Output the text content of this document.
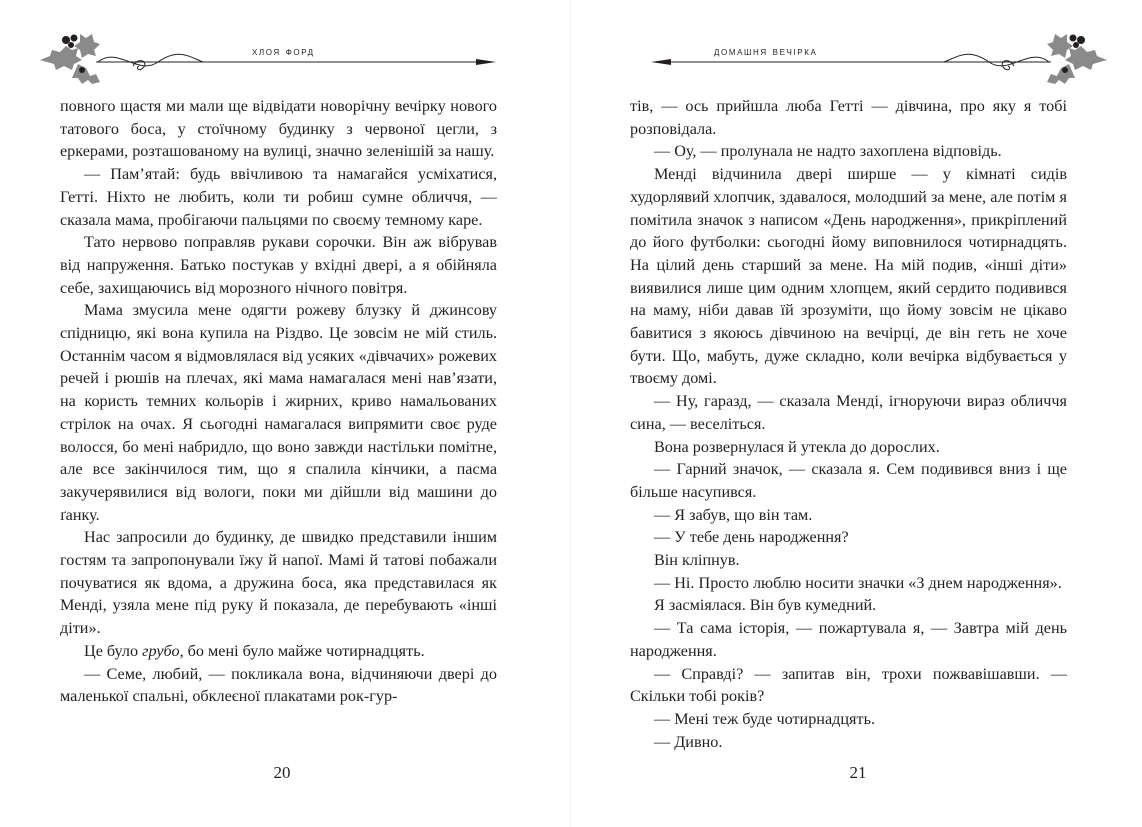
хлоя форд

повного щастя ми мали ще відвідати новорічну вечірку нового татового боса, у стоїчному будинку з червоної цегли, з еркерами, розташованому на вулиці, значно зеленішій за нашу.

— Пам’ятай: будь ввічливою та намагайся усміхатися, Гетті. Ніхто не любить, коли ти робиш сумне обличчя, — сказала мама, пробігаючи пальцями по своєму темному каре.

Тато нервово поправляв рукави сорочки. Він аж вібрував від напруження. Батько постукав у вхідні двері, а я обійняла себе, захищаючись від морозного нічного повітря.

Мама змусила мене одягти рожеву блузку й джинсову спідницю, які вона купила на Різдво. Це зовсім не мій стиль. Останнім часом я відмовлялася від усяких «дівчачих» рожевих речей і рюшів на плечах, які мама намагалася мені нав’язати, на користь темних кольорів і жирних, криво намальованих стрілок на очах. Я сьогодні намагалася випрямити своє руде волосся, бо мені набридло, що воно завжди настільки помітне, але все закінчилося тим, що я спалила кінчики, а пасма закучерявилися від вологи, поки ми дійшли від машини до ґанку.

Нас запросили до будинку, де швидко представили іншим гостям та запропонували їжу й напої. Мамі й татові побажали почуватися як вдома, а дружина боса, яка представилася як Менді, узяла мене під руку й показала, де перебувають «інші діти».

Це було грубо, бо мені було майже чотирнадцять.

— Семе, любий, — покликала вона, відчиняючи двері до маленької спальні, обклеєної плакатами рок-гур-

20
домашня вечірка
21

тів, — ось прийшла люба Гетті — дівчина, про яку я тобі розповідала.

— Оу, — пролунала не надто захоплена відповідь.

Менді відчинила двері ширше — у кімнаті сидів худорлявий хлопчик, здавалося, молодший за мене, але потім я помітила значок з написом «День народження», прикріплений до його футболки: сьогодні йому виповнилося чотирнадцять. На цілий день старший за мене. На мій подив, «інші діти» виявилися лише цим одним хлопцем, який сердито подивився на маму, ніби давав їй зрозуміти, що йому зовсім не цікаво бавитися з якоюсь дівчиною на вечірці, де він геть не хоче бути. Що, мабуть, дуже складно, коли вечірка відбувається у твоєму домі.

— Ну, гаразд, — сказала Менді, ігноруючи вираз обличчя сина, — веселіться.

Вона розвернулася й утекла до дорослих.

— Гарний значок, — сказала я. Сем подивився вниз і ще більше насупився.

— Я забув, що він там.

— У тебе день народження?

Він кліпнув.

— Ні. Просто люблю носити значки «З днем народження».

Я засміялася. Він був кумедний.

— Та сама історія, — пожартувала я, — Завтра мій день народження.

— Справді? — запитав він, трохи пожвавішавши. — Скільки тобі років?

— Мені теж буде чотирнадцять.

— Дивно.
